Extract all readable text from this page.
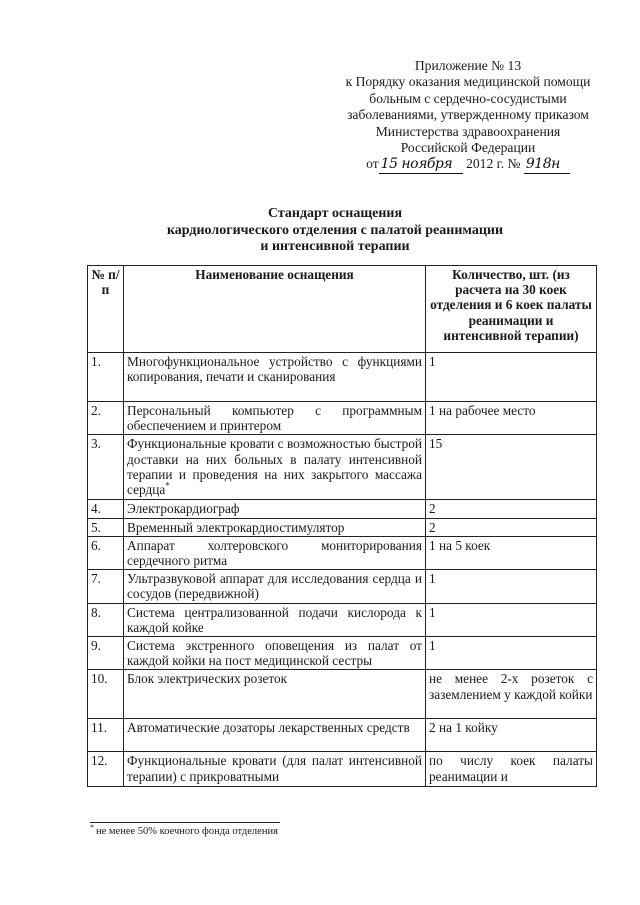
Приложение № 13
к Порядку оказания медицинской помощи
больным с сердечно-сосудистыми
заболеваниями, утвержденному приказом
Министерства здравоохранения
Российской Федерации
от 15 ноября 2012 г. № 918н
Стандарт оснащения
кардиологического отделения с палатой реанимации
и интенсивной терапии
№ п/п	Наименование оснащения	Количество, шт. (из расчета на 30 коек отделения и 6 коек палаты реанимации и интенсивной терапии)
1.	Многофункциональное устройство с функциями копирования, печати и сканирования	1
2.	Персональный компьютер с программным обеспечением и принтером	1 на рабочее место
3.	Функциональные кровати с возможностью быстрой доставки на них больных в палату интенсивной терапии и проведения на них закрытого массажа сердца*	15
4.	Электрокардиограф	2
5.	Временный электрокардиостимулятор	2
6.	Аппарат холтеровского мониторирования сердечного ритма	1 на 5 коек
7.	Ультразвуковой аппарат для исследования сердца и сосудов (передвижной)	1
8.	Система централизованной подачи кислорода к каждой койке	1
9.	Система экстренного оповещения из палат от каждой койки на пост медицинской сестры	1
10.	Блок электрических розеток	не менее 2-х розеток с заземлением у каждой койки
11.	Автоматические дозаторы лекарственных средств	2 на 1 койку
12.	Функциональные кровати (для палат интенсивной терапии) с прикроватными	по числу коек палаты реанимации и
* не менее 50% коечного фонда отделения
